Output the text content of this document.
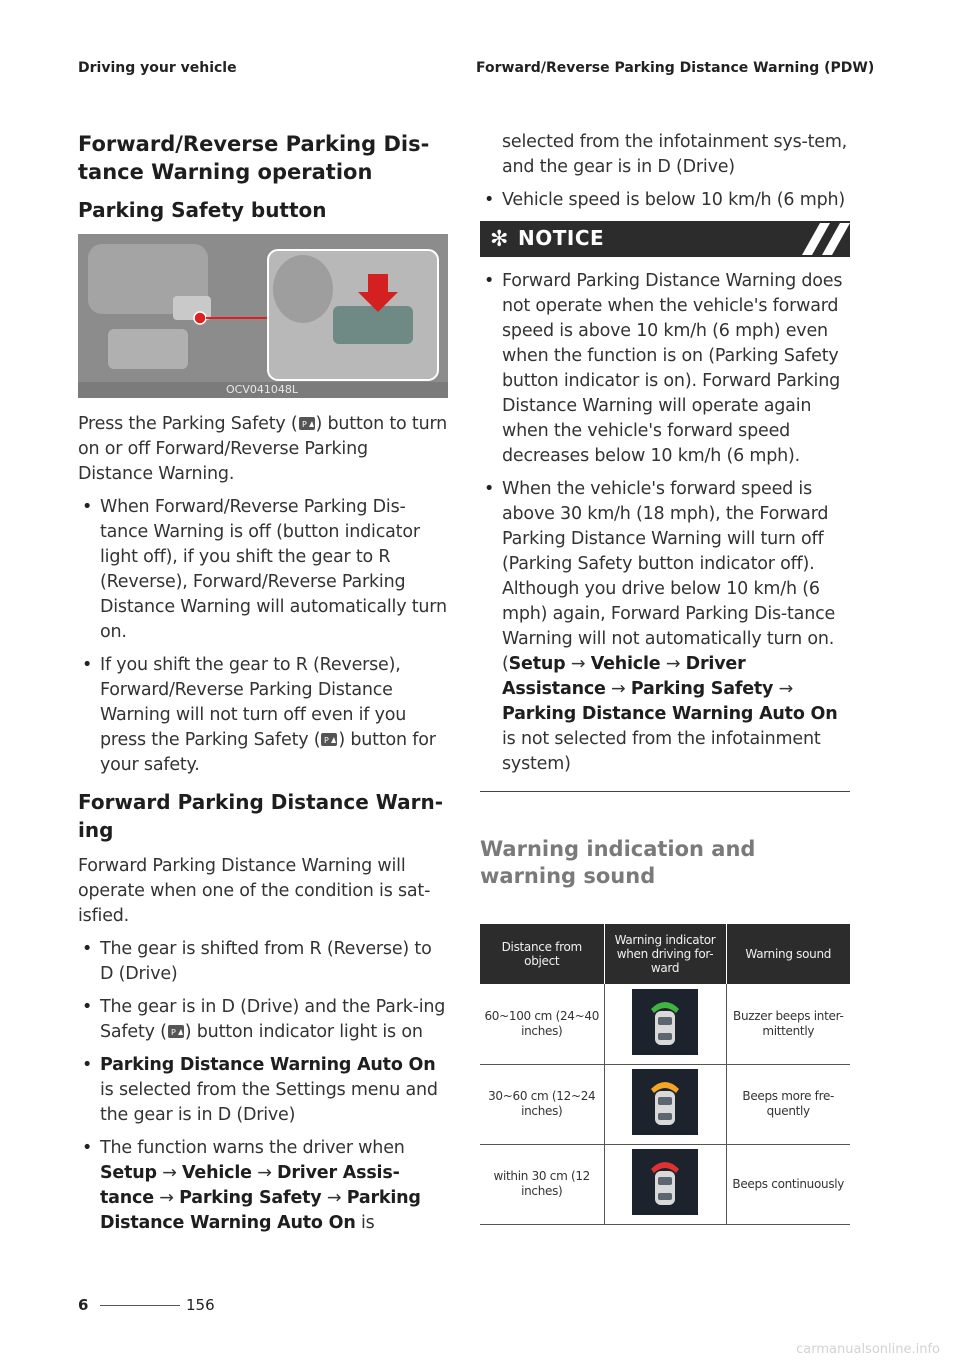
Driving your vehicle	Forward/Reverse Parking Distance Warning (PDW)
Forward/Reverse Parking Dis-tance Warning operation
Parking Safety button
OCV041048L

Press the Parking Safety ( P ) button to turn on or off Forward/Reverse Parking Distance Warning.

• When Forward/Reverse Parking Dis-tance Warning is off (button indicator light off), if you shift the gear to R (Reverse), Forward/Reverse Parking Distance Warning will automatically turn on.
• If you shift the gear to R (Reverse), Forward/Reverse Parking Distance Warning will not turn off even if you press the Parking Safety ( P ) button for your safety.
Forward Parking Distance Warn-ing

Forward Parking Distance Warning will operate when one of the condition is sat-isfied.

• The gear is shifted from R (Reverse) to D (Drive)
• The gear is in D (Drive) and the Park-ing Safety ( P ) button indicator light is on
• Parking Distance Warning Auto On is selected from the Settings menu and the gear is in D (Drive)
• The function warns the driver when Setup → Vehicle → Driver Assis-tance → Parking Safety → Parking Distance Warning Auto On is

selected from the infotainment sys-tem, and the gear is in D (Drive)

• Vehicle speed is below 10 km/h (6 mph)
✻ NOTICE
• Forward Parking Distance Warning does not operate when the vehicle's forward speed is above 10 km/h (6 mph) even when the function is on (Parking Safety button indicator is on). Forward Parking Distance Warning will operate again when the vehicle's forward speed decreases below 10 km/h (6 mph).
• When the vehicle's forward speed is above 30 km/h (18 mph), the Forward Parking Distance Warning will turn off (Parking Safety button indicator off). Although you drive below 10 km/h (6 mph) again, Forward Parking Dis-tance Warning will not automatically turn on. (Setup → Vehicle → Driver Assistance → Parking Safety → Parking Distance Warning Auto On is not selected from the infotainment system)
Warning indication and warning sound
Distance from object	Warning indicator when driving for-ward	Warning sound
60~100 cm (24~40 inches)		Buzzer beeps inter-mittently
30~60 cm (12~24 inches)		Beeps more fre-quently
within 30 cm (12 inches)		Beeps continuously
6	156
carmanualsonline.info
